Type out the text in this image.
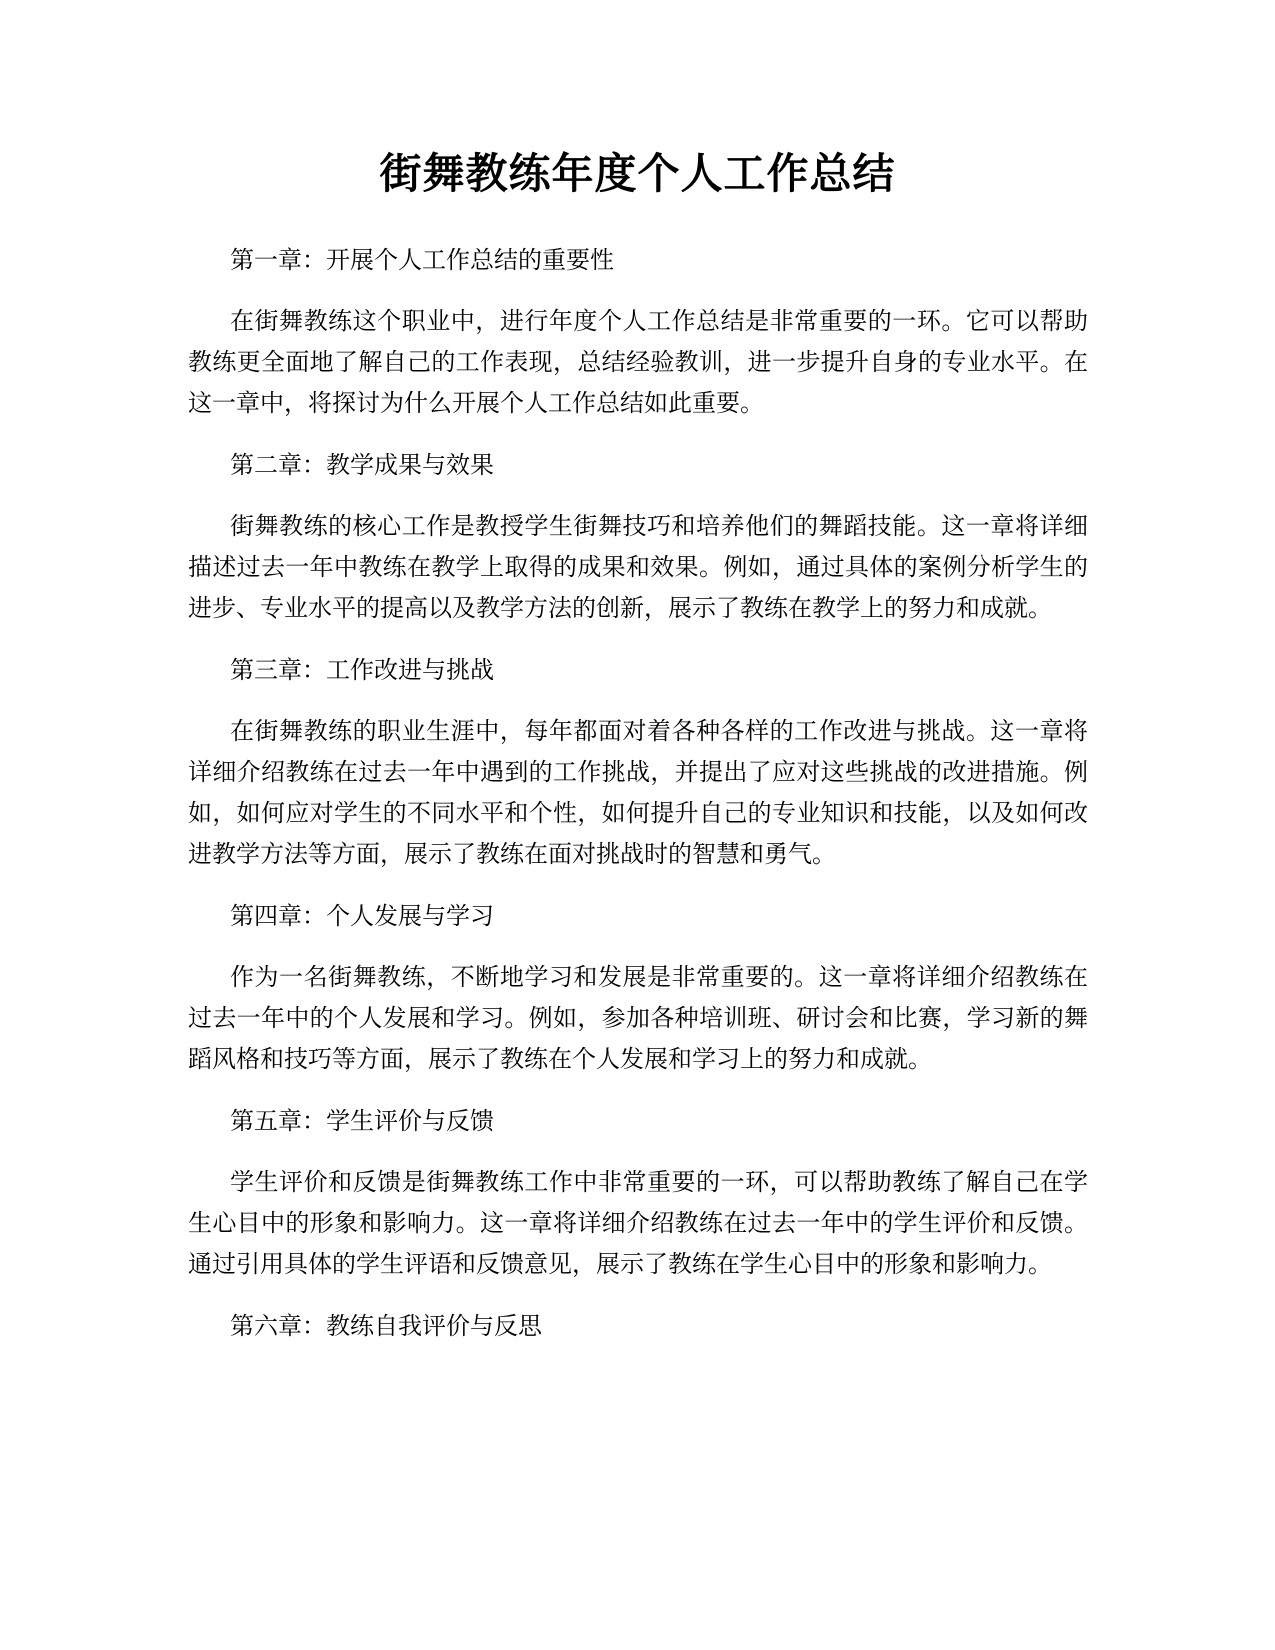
街舞教练年度个人工作总结

第一章：开展个人工作总结的重要性

在街舞教练这个职业中，进行年度个人工作总结是非常重要的一环。它可以帮助教练更全面地了解自己的工作表现，总结经验教训，进一步提升自身的专业水平。在这一章中，将探讨为什么开展个人工作总结如此重要。

第二章：教学成果与效果

街舞教练的核心工作是教授学生街舞技巧和培养他们的舞蹈技能。这一章将详细描述过去一年中教练在教学上取得的成果和效果。例如，通过具体的案例分析学生的进步、专业水平的提高以及教学方法的创新，展示了教练在教学上的努力和成就。

第三章：工作改进与挑战

在街舞教练的职业生涯中，每年都面对着各种各样的工作改进与挑战。这一章将详细介绍教练在过去一年中遇到的工作挑战，并提出了应对这些挑战的改进措施。例如，如何应对学生的不同水平和个性，如何提升自己的专业知识和技能，以及如何改进教学方法等方面，展示了教练在面对挑战时的智慧和勇气。

第四章：个人发展与学习

作为一名街舞教练，不断地学习和发展是非常重要的。这一章将详细介绍教练在过去一年中的个人发展和学习。例如，参加各种培训班、研讨会和比赛，学习新的舞蹈风格和技巧等方面，展示了教练在个人发展和学习上的努力和成就。

第五章：学生评价与反馈

学生评价和反馈是街舞教练工作中非常重要的一环，可以帮助教练了解自己在学生心目中的形象和影响力。这一章将详细介绍教练在过去一年中的学生评价和反馈。通过引用具体的学生评语和反馈意见，展示了教练在学生心目中的形象和影响力。

第六章：教练自我评价与反思
